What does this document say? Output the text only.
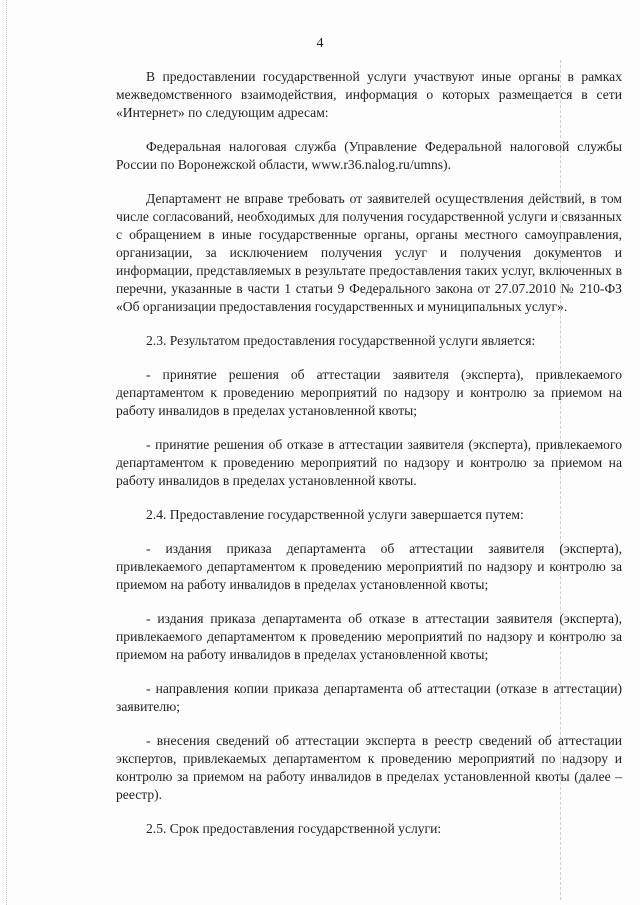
4

В предоставлении государственной услуги участвуют иные органы в рамках межведомственного взаимодействия, информация о которых размещается в сети «Интернет» по следующим адресам:

Федеральная налоговая служба (Управление Федеральной налоговой службы России по Воронежской области, www.r36.nalog.ru/umns).

Департамент не вправе требовать от заявителей осуществления действий, в том числе согласований, необходимых для получения государственной услуги и связанных с обращением в иные государственные органы, органы местного самоуправления, организации, за исключением получения услуг и получения документов и информации, представляемых в результате предоставления таких услуг, включенных в перечни, указанные в части 1 статьи 9 Федерального закона от 27.07.2010 № 210-ФЗ «Об организации предоставления государственных и муниципальных услуг».

2.3. Результатом предоставления государственной услуги является:

- принятие решения об аттестации заявителя (эксперта), привлекаемого департаментом к проведению мероприятий по надзору и контролю за приемом на работу инвалидов в пределах установленной квоты;

- принятие решения об отказе в аттестации заявителя (эксперта), привлекаемого департаментом к проведению мероприятий по надзору и контролю за приемом на работу инвалидов в пределах установленной квоты.

2.4. Предоставление государственной услуги завершается путем:

- издания приказа департамента об аттестации заявителя (эксперта), привлекаемого департаментом к проведению мероприятий по надзору и контролю за приемом на работу инвалидов в пределах установленной квоты;

- издания приказа департамента об отказе в аттестации заявителя (эксперта), привлекаемого департаментом к проведению мероприятий по надзору и контролю за приемом на работу инвалидов в пределах установленной квоты;

- направления копии приказа департамента об аттестации (отказе в аттестации) заявителю;

- внесения сведений об аттестации эксперта в реестр сведений об аттестации экспертов, привлекаемых департаментом к проведению мероприятий по надзору и контролю за приемом на работу инвалидов в пределах установленной квоты (далее – реестр).

2.5. Срок предоставления государственной услуги:
